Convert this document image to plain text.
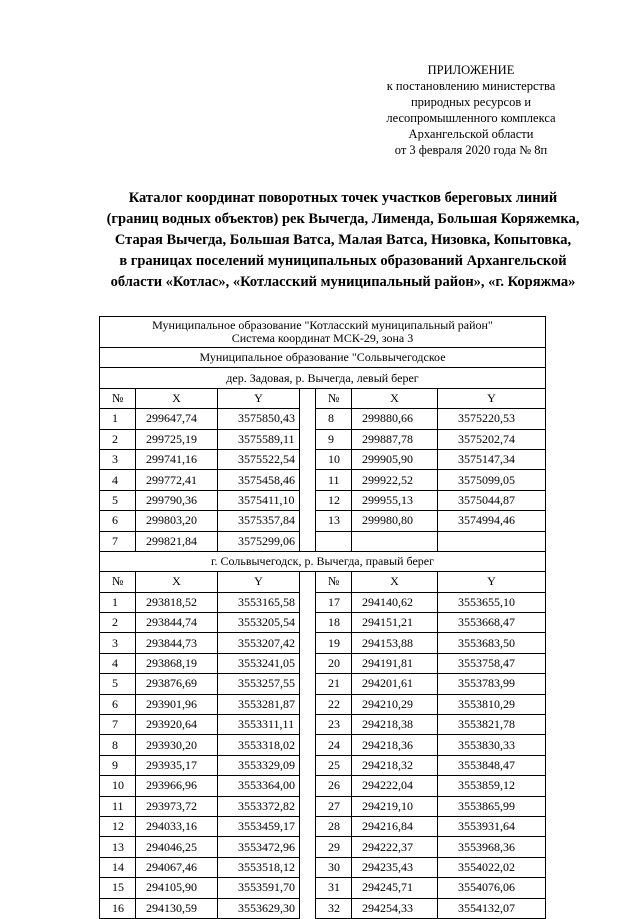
ПРИЛОЖЕНИЕ
к постановлению министерства
природных ресурсов и
лесопромышленного комплекса
Архангельской области
от 3 февраля 2020 года № 8п
Каталог координат поворотных точек участков береговых линий
(границ водных объектов) рек Вычегда, Лименда, Большая Коряжемка,
Старая Вычегда, Большая Ватса, Малая Ватса, Низовка, Копытовка,
в границах поселений муниципальных образований Архангельской
области «Котлас», «Котласский муниципальный район», «г. Коряжма»
Муниципальное образование "Котласский муниципальный район"
Система координат МСК-29, зона 3						

Муниципальное образование "Сольвычегодское						
дер. Задовая, р. Вычегда, левый берег						
№	X	Y		№	X	Y
1	299647,74	3575850,43		8	299880,66	3575220,53
2	299725,19	3575589,11		9	299887,78	3575202,74
3	299741,16	3575522,54		10	299905,90	3575147,34
4	299772,41	3575458,46		11	299922,52	3575099,05
5	299790,36	3575411,10		12	299955,13	3575044,87
6	299803,20	3575357,84		13	299980,80	3574994,46
7	299821,84	3575299,06				
г. Сольвычегодск, р. Вычегда, правый берег						
№	X	Y		№	X	Y
1	293818,52	3553165,58		17	294140,62	3553655,10
2	293844,74	3553205,54		18	294151,21	3553668,47
3	293844,73	3553207,42		19	294153,88	3553683,50
4	293868,19	3553241,05		20	294191,81	3553758,47
5	293876,69	3553257,55		21	294201,61	3553783,99
6	293901,96	3553281,87		22	294210,29	3553810,29
7	293920,64	3553311,11		23	294218,38	3553821,78
8	293930,20	3553318,02		24	294218,36	3553830,33
9	293935,17	3553329,09		25	294218,32	3553848,47
10	293966,96	3553364,00		26	294222,04	3553859,12
11	293973,72	3553372,82		27	294219,10	3553865,99
12	294033,16	3553459,17		28	294216,84	3553931,64
13	294046,25	3553472,96		29	294222,37	3553968,36
14	294067,46	3553518,12		30	294235,43	3554022,02
15	294105,90	3553591,70		31	294245,71	3554076,06
16	294130,59	3553629,30		32	294254,33	3554132,07
